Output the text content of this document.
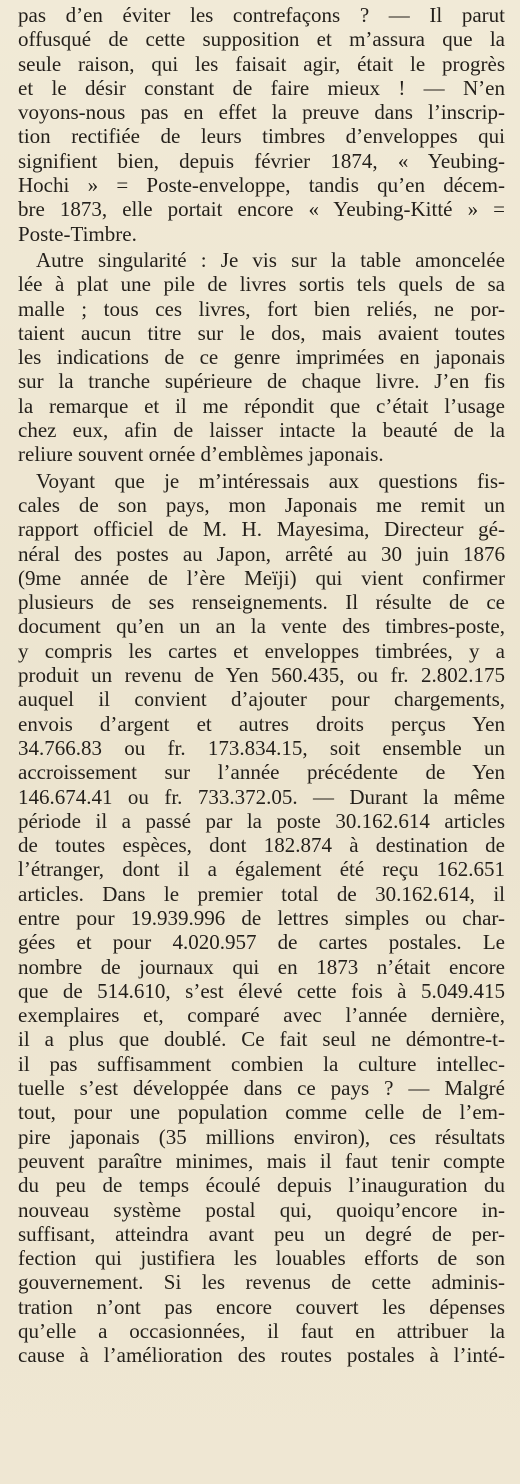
pas d’en éviter les contrefaçons ? — Il parut
offusqué de cette supposition et m’assura que la
seule raison, qui les faisait agir, était le progrès
et le désir constant de faire mieux ! — N’en
voyons-nous pas en effet la preuve dans l’inscrip-
tion rectifiée de leurs timbres d’enveloppes qui
signifient bien, depuis février 1874, « Yeubing-
Hochi » = Poste-enveloppe, tandis qu’en décem-
bre 1873, elle portait encore « Yeubing-Kitté » =
Poste-Timbre.

Autre singularité : Je vis sur la table amoncelée
lée à plat une pile de livres sortis tels quels de sa
malle ; tous ces livres, fort bien reliés, ne por-
taient aucun titre sur le dos, mais avaient toutes
les indications de ce genre imprimées en japonais
sur la tranche supérieure de chaque livre. J’en fis
la remarque et il me répondit que c’était l’usage
chez eux, afin de laisser intacte la beauté de la
reliure souvent ornée d’emblèmes japonais.

Voyant que je m’intéressais aux questions fis-
cales de son pays, mon Japonais me remit un
rapport officiel de M. H. Mayesima, Directeur gé-
néral des postes au Japon, arrêté au 30 juin 1876
(9me année de l’ère Meïji) qui vient confirmer
plusieurs de ses renseignements. Il résulte de ce
document qu’en un an la vente des timbres-poste,
y compris les cartes et enveloppes timbrées, y a
produit un revenu de Yen 560.435, ou fr. 2.802.175
auquel il convient d’ajouter pour chargements,
envois d’argent et autres droits perçus Yen
34.766.83 ou fr. 173.834.15, soit ensemble un
accroissement sur l’année précédente de Yen
146.674.41 ou fr. 733.372.05. — Durant la même
période il a passé par la poste 30.162.614 articles
de toutes espèces, dont 182.874 à destination de
l’étranger, dont il a également été reçu 162.651
articles. Dans le premier total de 30.162.614, il
entre pour 19.939.996 de lettres simples ou char-
gées et pour 4.020.957 de cartes postales. Le
nombre de journaux qui en 1873 n’était encore
que de 514.610, s’est élevé cette fois à 5.049.415
exemplaires et, comparé avec l’année dernière,
il a plus que doublé. Ce fait seul ne démontre-t-
il pas suffisamment combien la culture intellec-
tuelle s’est développée dans ce pays ? — Malgré
tout, pour une population comme celle de l’em-
pire japonais (35 millions environ), ces résultats
peuvent paraître minimes, mais il faut tenir compte
du peu de temps écoulé depuis l’inauguration du
nouveau système postal qui, quoiqu’encore in-
suffisant, atteindra avant peu un degré de per-
fection qui justifiera les louables efforts de son
gouvernement. Si les revenus de cette adminis-
tration n’ont pas encore couvert les dépenses
qu’elle a occasionnées, il faut en attribuer la
cause à l’amélioration des routes postales à l’inté-
